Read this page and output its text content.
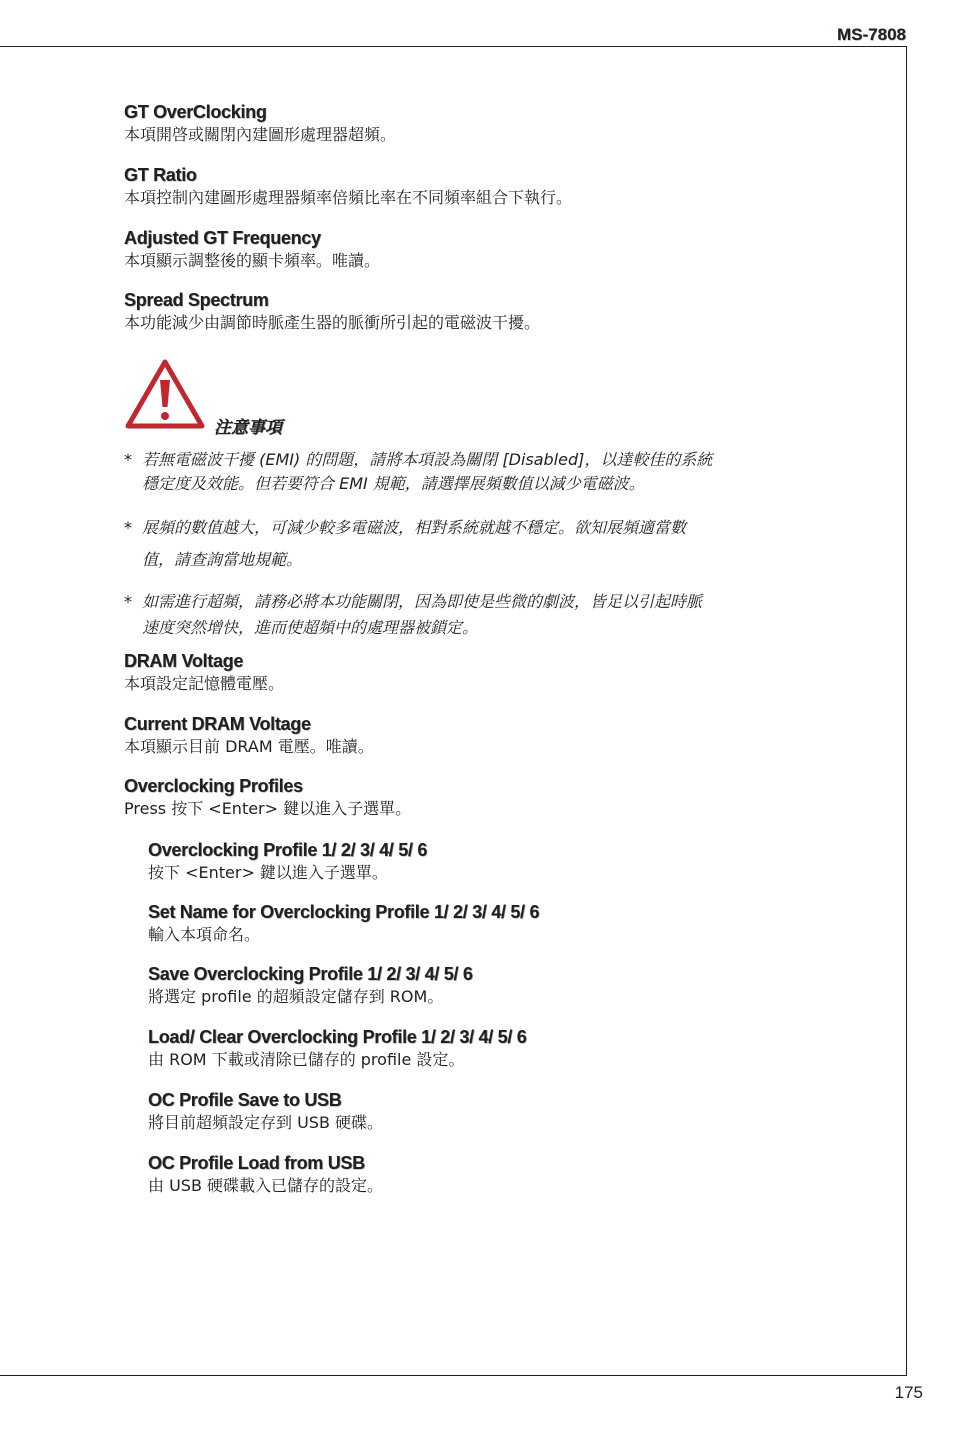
MS-7808
GT OverClocking
本項開啓或關閉內建圖形處理器超頻。
GT Ratio
本項控制內建圖形處理器頻率倍頻比率在不同頻率組合下執行。
Adjusted GT Frequency
本項顯示調整後的顯卡頻率。唯讀。
Spread Spectrum
本功能減少由調節時脈產生器的脈衝所引起的電磁波干擾。
注意事項
* 若無電磁波干擾 (EMI) 的問題，請將本項設為關閉 [Disabled]，以達較佳的系統
穩定度及效能。但若要符合 EMI 規範，請選擇展頻數值以減少電磁波。
* 展頻的數值越大，可減少較多電磁波，相對系統就越不穩定。欲知展頻適當數
值，請查詢當地規範。
* 如需進行超頻，請務必將本功能關閉，因為即使是些微的劇波，皆足以引起時脈
速度突然增快，進而使超頻中的處理器被鎖定。
DRAM Voltage
本項設定記憶體電壓。
Current DRAM Voltage
本項顯示目前 DRAM 電壓。唯讀。
Overclocking Profiles
Press 按下 <Enter> 鍵以進入子選單。
Overclocking Profile 1/ 2/ 3/ 4/ 5/ 6
按下 <Enter> 鍵以進入子選單。
Set Name for Overclocking Profile 1/ 2/ 3/ 4/ 5/ 6
輸入本項命名。
Save Overclocking Profile 1/ 2/ 3/ 4/ 5/ 6
將選定 profile 的超頻設定儲存到 ROM。
Load/ Clear Overclocking Profile 1/ 2/ 3/ 4/ 5/ 6
由 ROM 下載或清除已儲存的 profile 設定。
OC Profile Save to USB
將目前超頻設定存到 USB 硬碟。
OC Profile Load from USB
由 USB 硬碟載入已儲存的設定。
175
